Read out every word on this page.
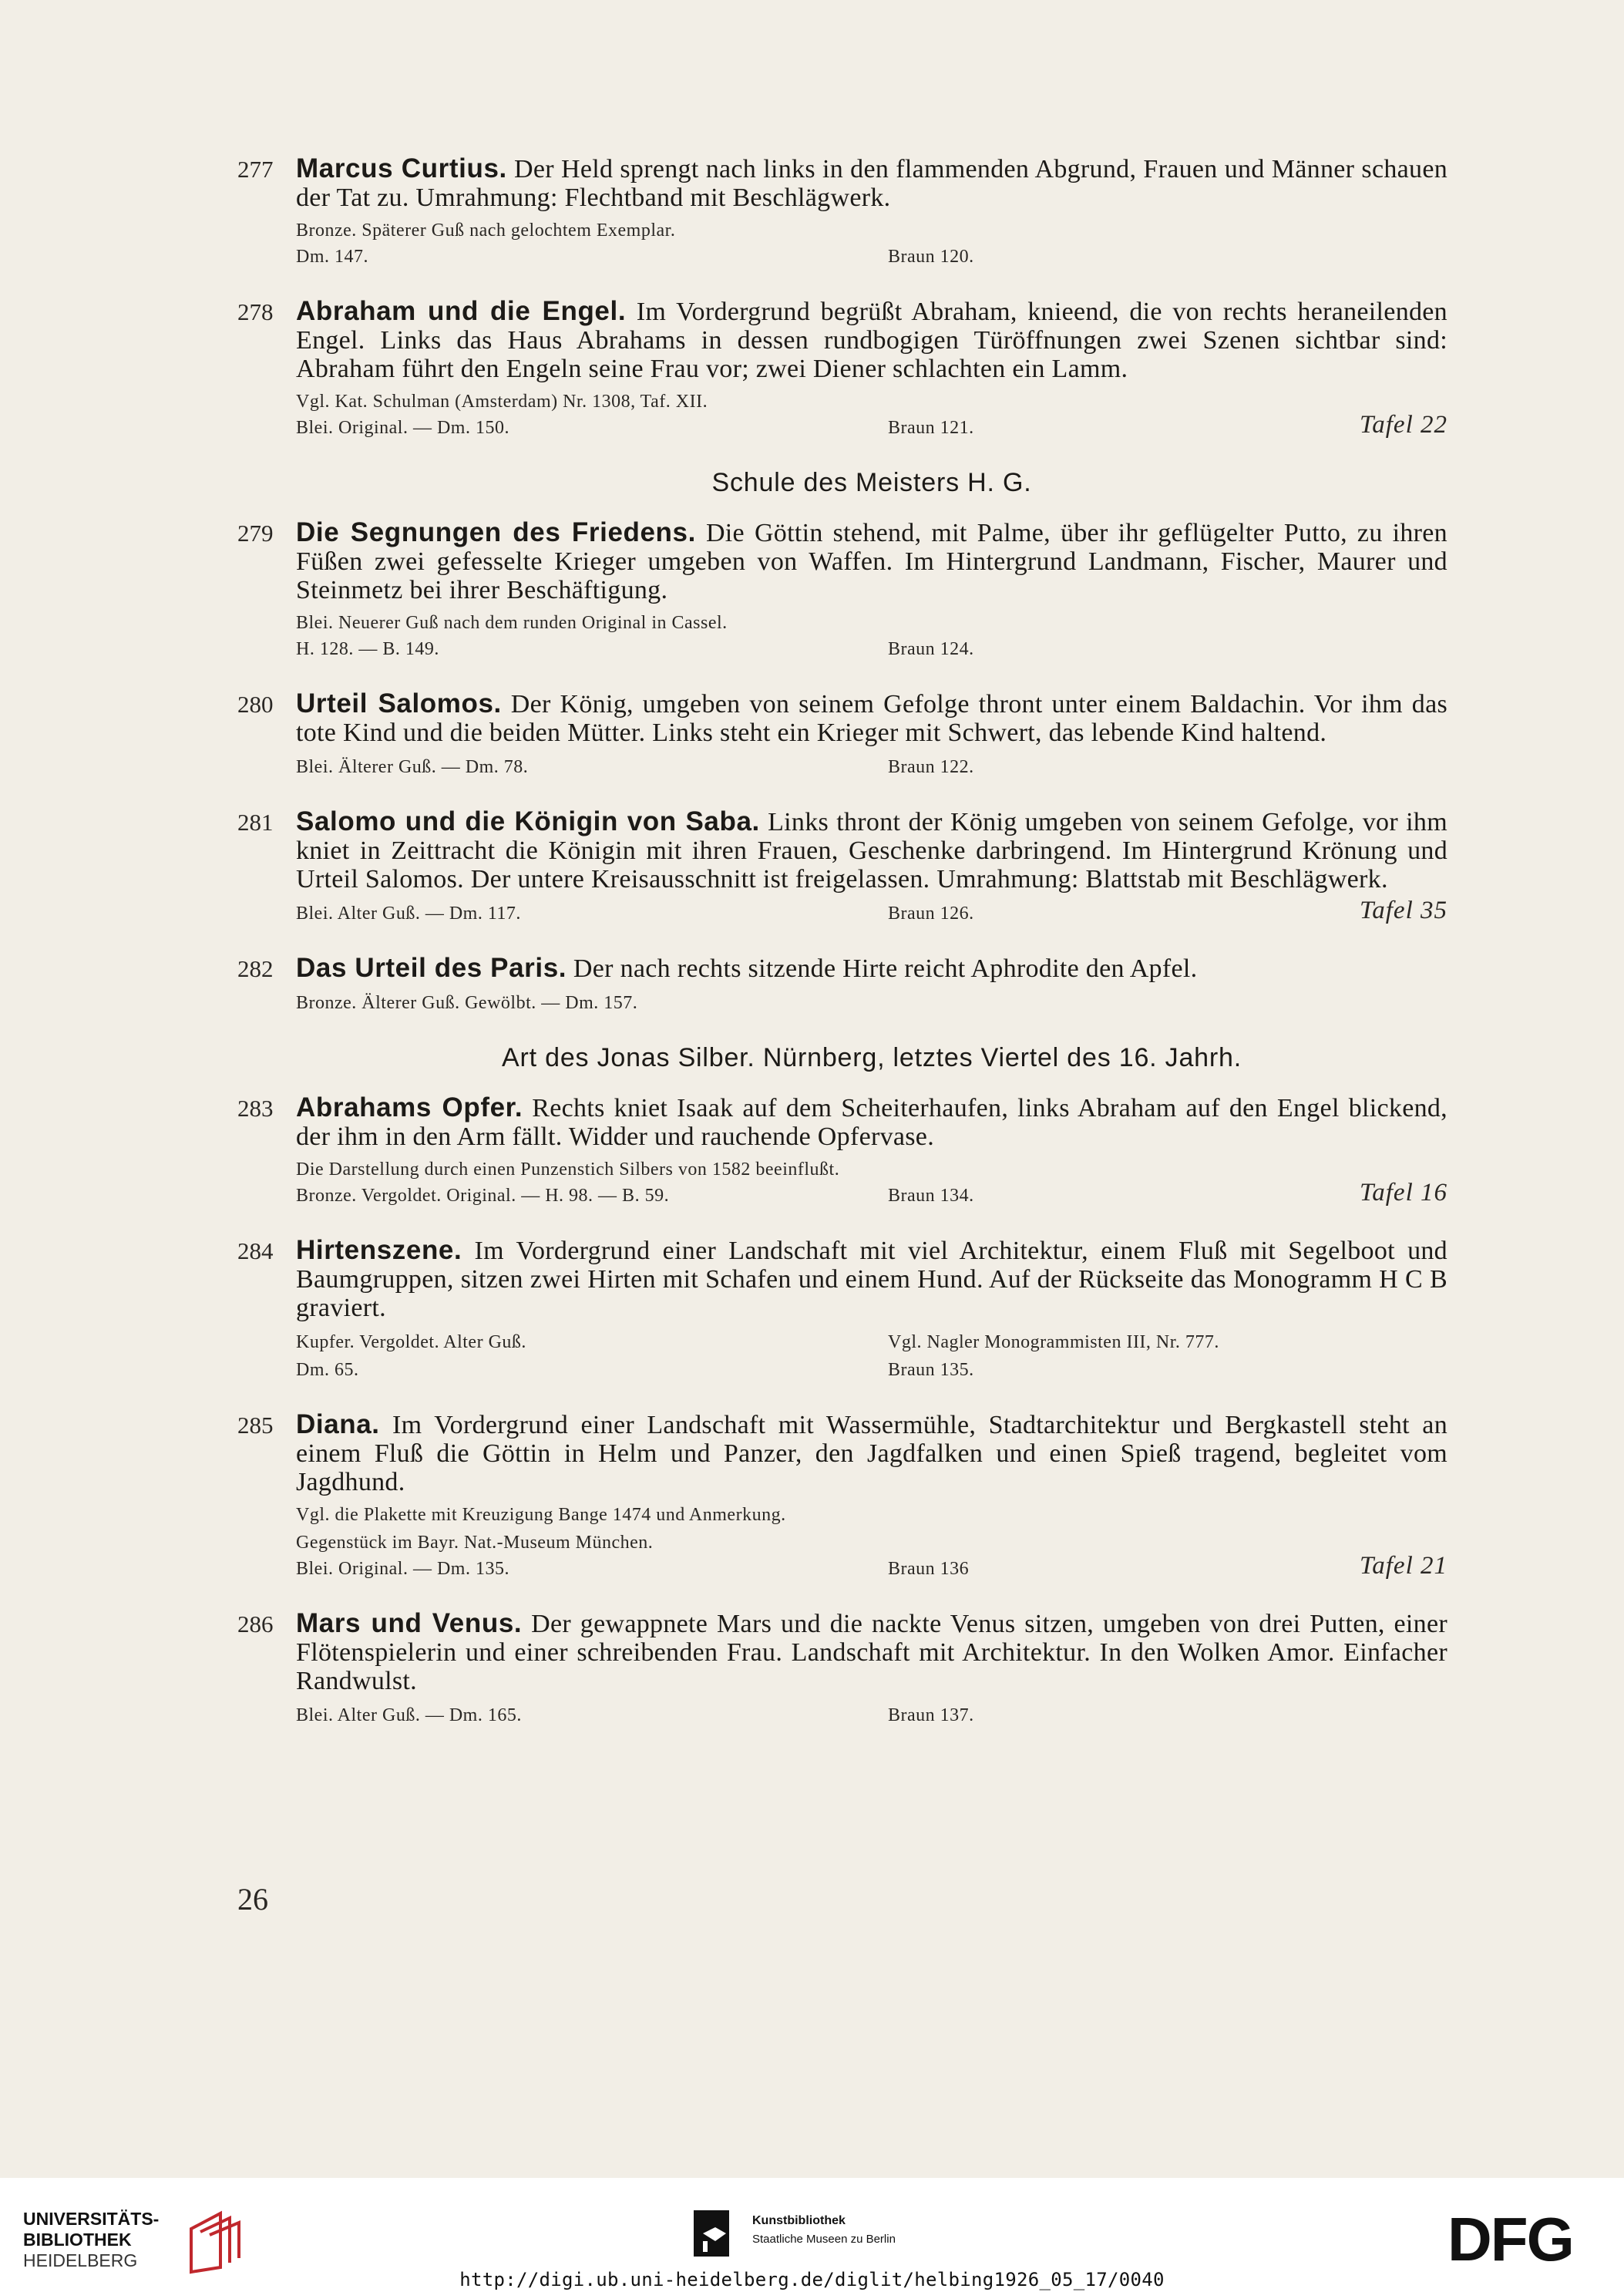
277 Marcus Curtius. Der Held sprengt nach links in den flammenden Abgrund, Frauen und Männer schauen der Tat zu. Umrahmung: Flechtband mit Beschlägwerk.
Bronze. Späterer Guß nach gelochtem Exemplar.
Dm. 147.	Braun 120.
278 Abraham und die Engel. Im Vordergrund begrüßt Abraham, knieend, die von rechts heraneilenden Engel. Links das Haus Abrahams in dessen rundbogigen Türöffnungen zwei Szenen sichtbar sind: Abraham führt den Engeln seine Frau vor; zwei Diener schlachten ein Lamm.
Vgl. Kat. Schulman (Amsterdam) Nr. 1308, Taf. XII.
Blei. Original. — Dm. 150.	Braun 121.	Tafel 22
Schule des Meisters H. G.
279 Die Segnungen des Friedens. Die Göttin stehend, mit Palme, über ihr geflügelter Putto, zu ihren Füßen zwei gefesselte Krieger umgeben von Waffen. Im Hintergrund Landmann, Fischer, Maurer und Steinmetz bei ihrer Beschäftigung.
Blei. Neuerer Guß nach dem runden Original in Cassel.
H. 128. — B. 149.	Braun 124.
280 Urteil Salomos. Der König, umgeben von seinem Gefolge thront unter einem Baldachin. Vor ihm das tote Kind und die beiden Mütter. Links steht ein Krieger mit Schwert, das lebende Kind haltend.
Blei. Älterer Guß. — Dm. 78.	Braun 122.
281 Salomo und die Königin von Saba. Links thront der König umgeben von seinem Gefolge, vor ihm kniet in Zeittracht die Königin mit ihren Frauen, Geschenke darbringend. Im Hintergrund Krönung und Urteil Salomos. Der untere Kreisausschnitt ist freigelassen. Umrahmung: Blattstab mit Beschlägwerk.
Blei. Alter Guß. — Dm. 117.	Braun 126.	Tafel 35
282 Das Urteil des Paris. Der nach rechts sitzende Hirte reicht Aphrodite den Apfel.
Bronze. Älterer Guß. Gewölbt. — Dm. 157.
Art des Jonas Silber. Nürnberg, letztes Viertel des 16. Jahrh.
283 Abrahams Opfer. Rechts kniet Isaak auf dem Scheiterhaufen, links Abraham auf den Engel blickend, der ihm in den Arm fällt. Widder und rauchende Opfervase.
Die Darstellung durch einen Punzenstich Silbers von 1582 beeinflußt.
Bronze. Vergoldet. Original. — H. 98. — B. 59.	Braun 134.	Tafel 16
284 Hirtenszene. Im Vordergrund einer Landschaft mit viel Architektur, einem Fluß mit Segelboot und Baumgruppen, sitzen zwei Hirten mit Schafen und einem Hund. Auf der Rückseite das Monogramm H C B graviert.
Kupfer. Vergoldet. Alter Guß.	Vgl. Nagler Monogrammisten III, Nr. 777.
Dm. 65.	Braun 135.
285 Diana. Im Vordergrund einer Landschaft mit Wassermühle, Stadtarchitektur und Bergkastell steht an einem Fluß die Göttin in Helm und Panzer, den Jagdfalken und einen Spieß tragend, begleitet vom Jagdhund.
Vgl. die Plakette mit Kreuzigung Bange 1474 und Anmerkung.
Gegenstück im Bayr. Nat.-Museum München.
Blei. Original. — Dm. 135.	Braun 136	Tafel 21
286 Mars und Venus. Der gewappnete Mars und die nackte Venus sitzen, umgeben von drei Putten, einer Flötenspielerin und einer schreibenden Frau. Landschaft mit Architektur. In den Wolken Amor. Einfacher Randwulst.
Blei. Alter Guß. — Dm. 165.	Braun 137.
26
UNIVERSITÄTS-
BIBLIOTHEK
HEIDELBERG
Kunstbibliothek
Staatliche Museen zu Berlin	DFG
http://digi.ub.uni-heidelberg.de/diglit/helbing1926_05_17/0040
